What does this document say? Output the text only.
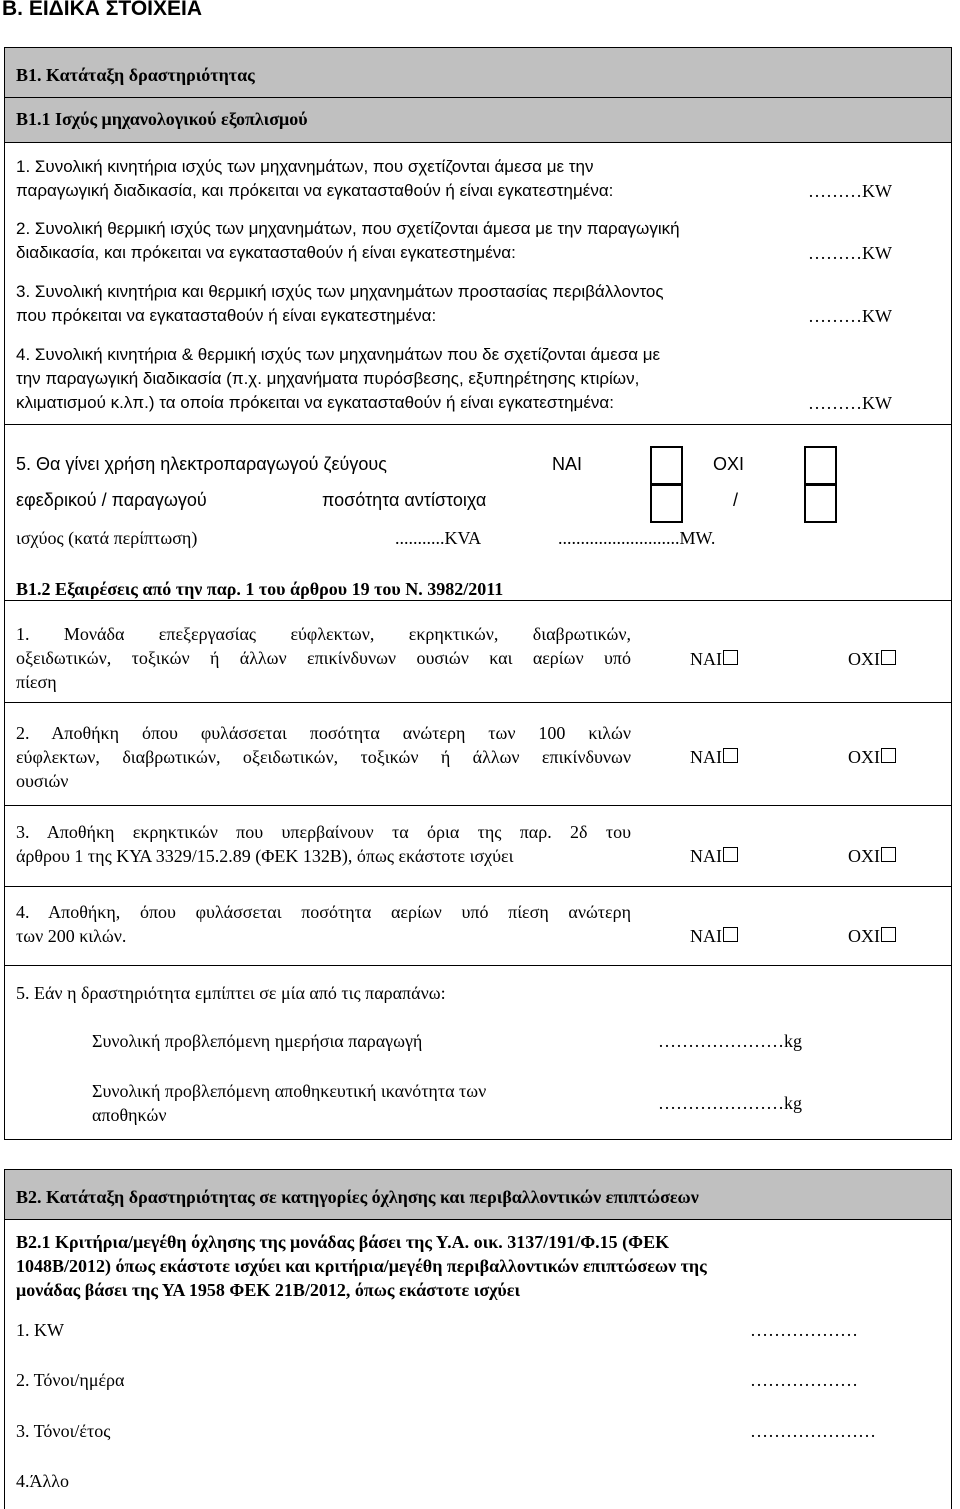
Β. ΕΙΔΙΚΑ ΣΤΟΙΧΕΙΑ
Β1. Κατάταξη δραστηριότητας
Β1.1 Ισχύς μηχανολογικού εξοπλισμού
1. Συνολική κινητήρια ισχύς των μηχανημάτων, που σχετίζονται άμεσα με την
παραγωγική διαδικασία, και πρόκειται να εγκατασταθούν ή είναι εγκατεστημένα:	………KW
2. Συνολική θερμική ισχύς των μηχανημάτων, που σχετίζονται άμεσα με την παραγωγική
διαδικασία, και πρόκειται να εγκατασταθούν ή είναι εγκατεστημένα:	………KW
3. Συνολική κινητήρια και θερμική ισχύς των μηχανημάτων προστασίας περιβάλλοντος
που πρόκειται να εγκατασταθούν ή είναι εγκατεστημένα:	………KW
4. Συνολική κινητήρια & θερμική ισχύς των μηχανημάτων που δε σχετίζονται άμεσα με
την παραγωγική διαδικασία (π.χ. μηχανήματα πυρόσβεσης, εξυπηρέτησης κτιρίων,
κλιματισμού κ.λπ.) τα οποία πρόκειται να εγκατασταθούν ή είναι εγκατεστημένα:	………KW
5. Θα γίνει χρήση ηλεκτροπαραγωγού ζεύγους	ΝΑΙ	ΟΧΙ
εφεδρικού / παραγωγού	ποσότητα αντίστοιχα	/
ισχύος (κατά περίπτωση)	...........KVA	...........................MW.
Β1.2 Εξαιρέσεις από την παρ. 1 του άρθρου 19 του Ν. 3982/2011
1. Μονάδα επεξεργασίας εύφλεκτων, εκρηκτικών, διαβρωτικών,
οξειδωτικών, τοξικών ή άλλων επικίνδυνων ουσιών και αερίων υπό
πίεση
ΝΑΙ	ΟΧΙ
2. Αποθήκη όπου φυλάσσεται ποσότητα ανώτερη των 100 κιλών
εύφλεκτων, διαβρωτικών, οξειδωτικών, τοξικών ή άλλων επικίνδυνων
ουσιών
ΝΑΙ	ΟΧΙ
3. Αποθήκη εκρηκτικών που υπερβαίνουν τα όρια της παρ. 2δ του
άρθρου 1 της ΚΥΑ 3329/15.2.89 (ΦΕΚ 132Β), όπως εκάστοτε ισχύει	ΝΑΙ	ΟΧΙ
4. Αποθήκη, όπου φυλάσσεται ποσότητα αερίων υπό πίεση ανώτερη
των 200 κιλών.	ΝΑΙ	ΟΧΙ
5. Εάν η δραστηριότητα εμπίπτει σε μία από τις παραπάνω:
Συνολική προβλεπόμενη ημερήσια παραγωγή	…………………kg
Συνολική προβλεπόμενη αποθηκευτική ικανότητα των
αποθηκών
…………………kg
Β2. Κατάταξη δραστηριότητας σε κατηγορίες όχλησης και περιβαλλοντικών επιπτώσεων
Β2.1 Κριτήρια/μεγέθη όχλησης της μονάδας βάσει της Υ.Α. οικ. 3137/191/Φ.15 (ΦΕΚ
1048Β/2012) όπως εκάστοτε ισχύει και κριτήρια/μεγέθη περιβαλλοντικών επιπτώσεων της
μονάδας βάσει της ΥΑ 1958 ΦΕΚ 21Β/2012, όπως εκάστοτε ισχύει
1. KW	………………
2. Τόνοι/ημέρα	………………
3. Τόνοι/έτος	…………………
4.Άλλο
